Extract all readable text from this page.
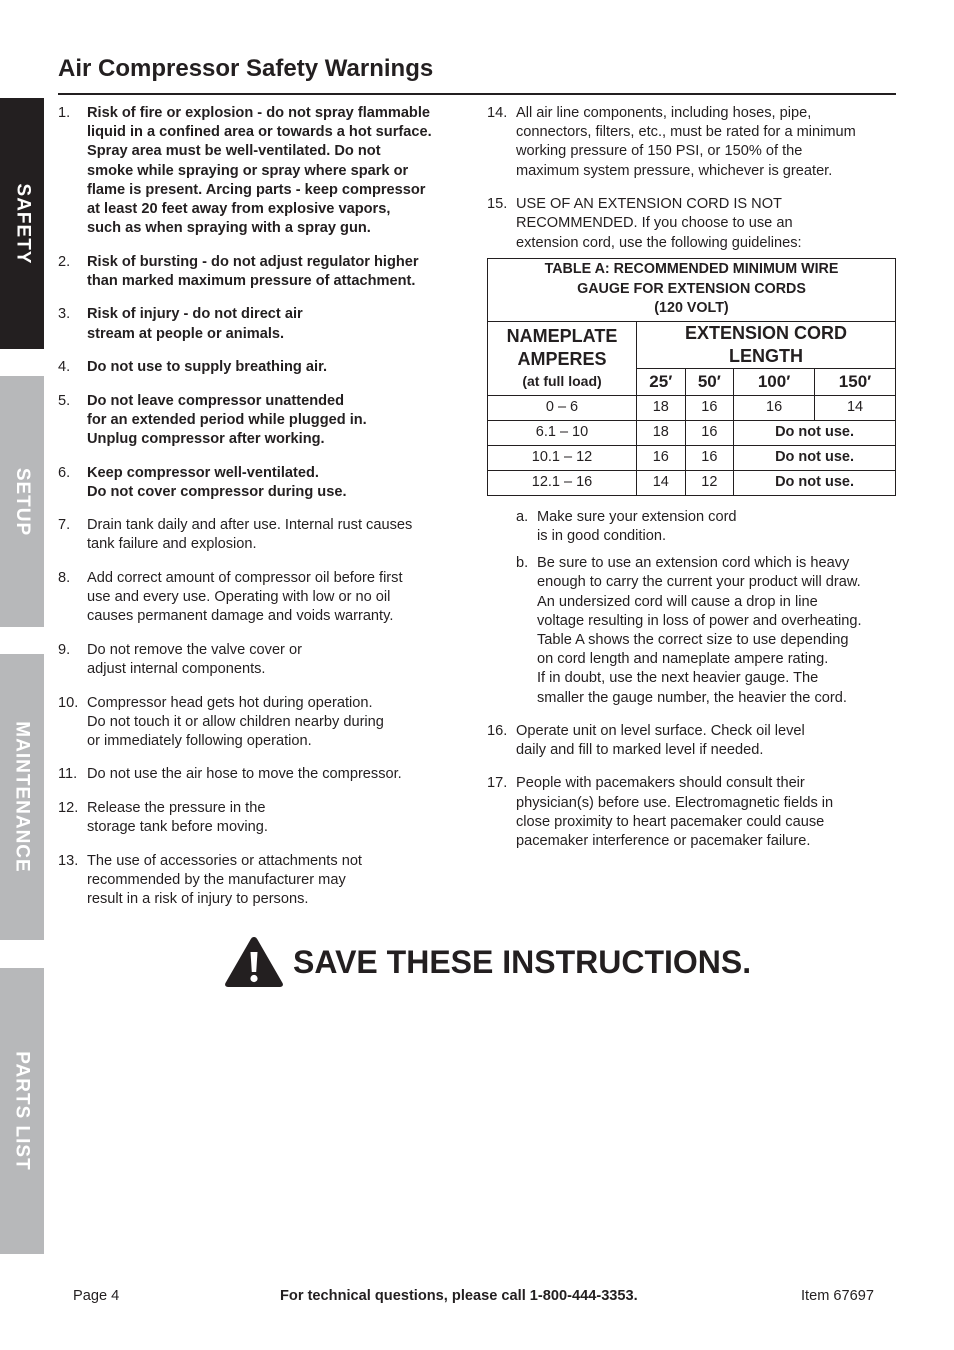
SAFETY
SETUP
MAINTENANCE
PARTS LIST
Air Compressor Safety Warnings
1. Risk of fire or explosion - do not spray flammable
liquid in a confined area or towards a hot surface.
Spray area must be well-ventilated. Do not
smoke while spraying or spray where spark or
flame is present. Arcing parts - keep compressor
at least 20 feet away from explosive vapors,
such as when spraying with a spray gun.
2. Risk of bursting - do not adjust regulator higher
than marked maximum pressure of attachment.
3. Risk of injury - do not direct air
stream at people or animals.
4. Do not use to supply breathing air.
5. Do not leave compressor unattended
for an extended period while plugged in.
Unplug compressor after working.
6. Keep compressor well-ventilated.
Do not cover compressor during use.
7. Drain tank daily and after use. Internal rust causes
tank failure and explosion.
8. Add correct amount of compressor oil before first
use and every use. Operating with low or no oil
causes permanent damage and voids warranty.
9. Do not remove the valve cover or
adjust internal components.
10. Compressor head gets hot during operation.
Do not touch it or allow children nearby during
or immediately following operation.
11. Do not use the air hose to move the compressor.
12. Release the pressure in the
storage tank before moving.
13. The use of accessories or attachments not
recommended by the manufacturer may
result in a risk of injury to persons.
14. All air line components, including hoses, pipe,
connectors, filters, etc., must be rated for a minimum
working pressure of 150 PSI, or 150% of the
maximum system pressure, whichever is greater.
15. USE OF AN EXTENSION CORD IS NOT
RECOMMENDED. If you choose to use an
extension cord, use the following guidelines:
TABLE A: RECOMMENDED MINIMUM WIRE
GAUGE FOR EXTENSION CORDS
(120 VOLT)				
NAMEPLATE
AMPERES
(at full load)	EXTENSION CORD
LENGTH			
	25′	50′	100′	150′
0 – 6	18	16	16	14
6.1 – 10	18	16	Do not use.	
10.1 – 12	16	16	Do not use.	
12.1 – 16	14	12	Do not use.	
a. Make sure your extension cord
is in good condition.
b. Be sure to use an extension cord which is heavy
enough to carry the current your product will draw.
An undersized cord will cause a drop in line
voltage resulting in loss of power and overheating.
Table A shows the correct size to use depending
on cord length and nameplate ampere rating.
If in doubt, use the next heavier gauge. The
smaller the gauge number, the heavier the cord.
16. Operate unit on level surface. Check oil level
daily and fill to marked level if needed.
17. People with pacemakers should consult their
physician(s) before use. Electromagnetic fields in
close proximity to heart pacemaker could cause
pacemaker interference or pacemaker failure.
SAVE THESE INSTRUCTIONS.
Page 4	For technical questions, please call 1-800-444-3353.	Item 67697
